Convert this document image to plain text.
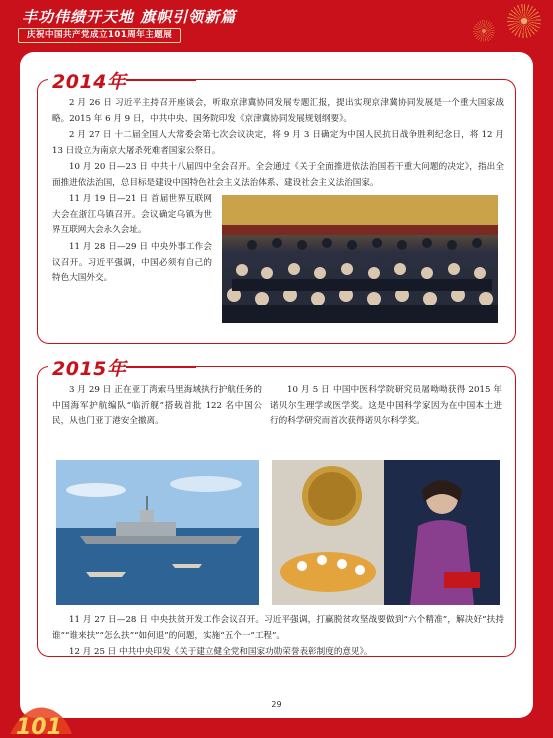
丰功伟绩开天地 旗帜引领新篇
庆祝中国共产党成立101周年主题展
2014年

2 月 26 日 习近平主持召开座谈会，听取京津冀协同发展专题汇报，提出实现京津冀协同发展是一个重大国家战略。2015 年 6 月 9 日，中共中央、国务院印发《京津冀协同发展规划纲要》。

2 月 27 日 十二届全国人大常委会第七次会议决定，将 9 月 3 日确定为中国人民抗日战争胜利纪念日，将 12 月 13 日设立为南京大屠杀死难者国家公祭日。

10 月 20 日—23 日 中共十八届四中全会召开。全会通过《关于全面推进依法治国若干重大问题的决定》，指出全面推进依法治国，总目标是建设中国特色社会主义法治体系、建设社会主义法治国家。

11 月 19 日—21 日 首届世界互联网大会在浙江乌镇召开。会议确定乌镇为世界互联网大会永久会址。

11 月 28 日—29 日 中央外事工作会议召开。习近平强调，中国必须有自己的特色大国外交。

2015年

3 月 29 日 正在亚丁湾索马里海域执行护航任务的中国海军护航编队“临沂舰”搭载首批 122 名中国公民，从也门亚丁港安全撤离。

10 月 5 日 中国中医科学院研究员屠呦呦获得 2015 年诺贝尔生理学或医学奖。这是中国科学家因为在中国本土进行的科学研究而首次获得诺贝尔科学奖。

11 月 27 日—28 日 中央扶贫开发工作会议召开。习近平强调，打赢脱贫攻坚战要做到“六个精准”，解决好“扶持谁”“谁来扶”“怎么扶”“如何退”的问题，实施“五个一”工程”。

12 月 25 日 中共中央印发《关于建立健全党和国家功勋荣誉表彰制度的意见》。

29
101
